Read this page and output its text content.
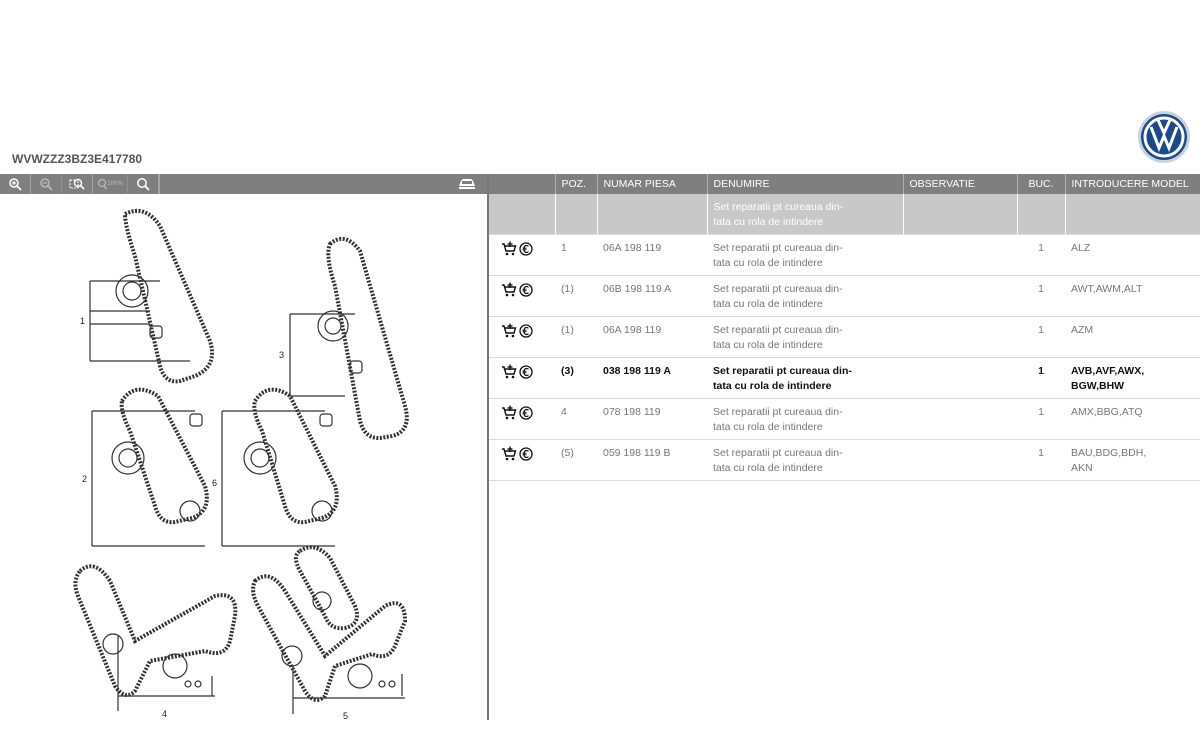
WVWZZZ3BZ3E417780
100%
1
2
3
4	5
6
	POZ.	NUMAR PIESA	DENUMIRE	OBSERVATIE	BUC.	INTRODUCERE MODEL
			Set reparatii pt cureaua din-
tata cu rola de intindere			

	1	06A 198 119	Set reparatii pt cureaua din-
tata cu rola de intindere		1	ALZ

	(1)	06B 198 119 A	Set reparatii pt cureaua din-
tata cu rola de intindere		1	AWT,AWM,ALT

	(1)	06A 198 119	Set reparatii pt cureaua din-
tata cu rola de intindere		1	AZM

	(3)	038 198 119 A	Set reparatii pt cureaua din-
tata cu rola de intindere		1	AVB,AVF,AWX,
BGW,BHW

	4	078 198 119	Set reparatii pt cureaua din-
tata cu rola de intindere		1	AMX,BBG,ATQ

	(5)	059 198 119 B	Set reparatii pt cureaua din-
tata cu rola de intindere		1	BAU,BDG,BDH,
AKN
